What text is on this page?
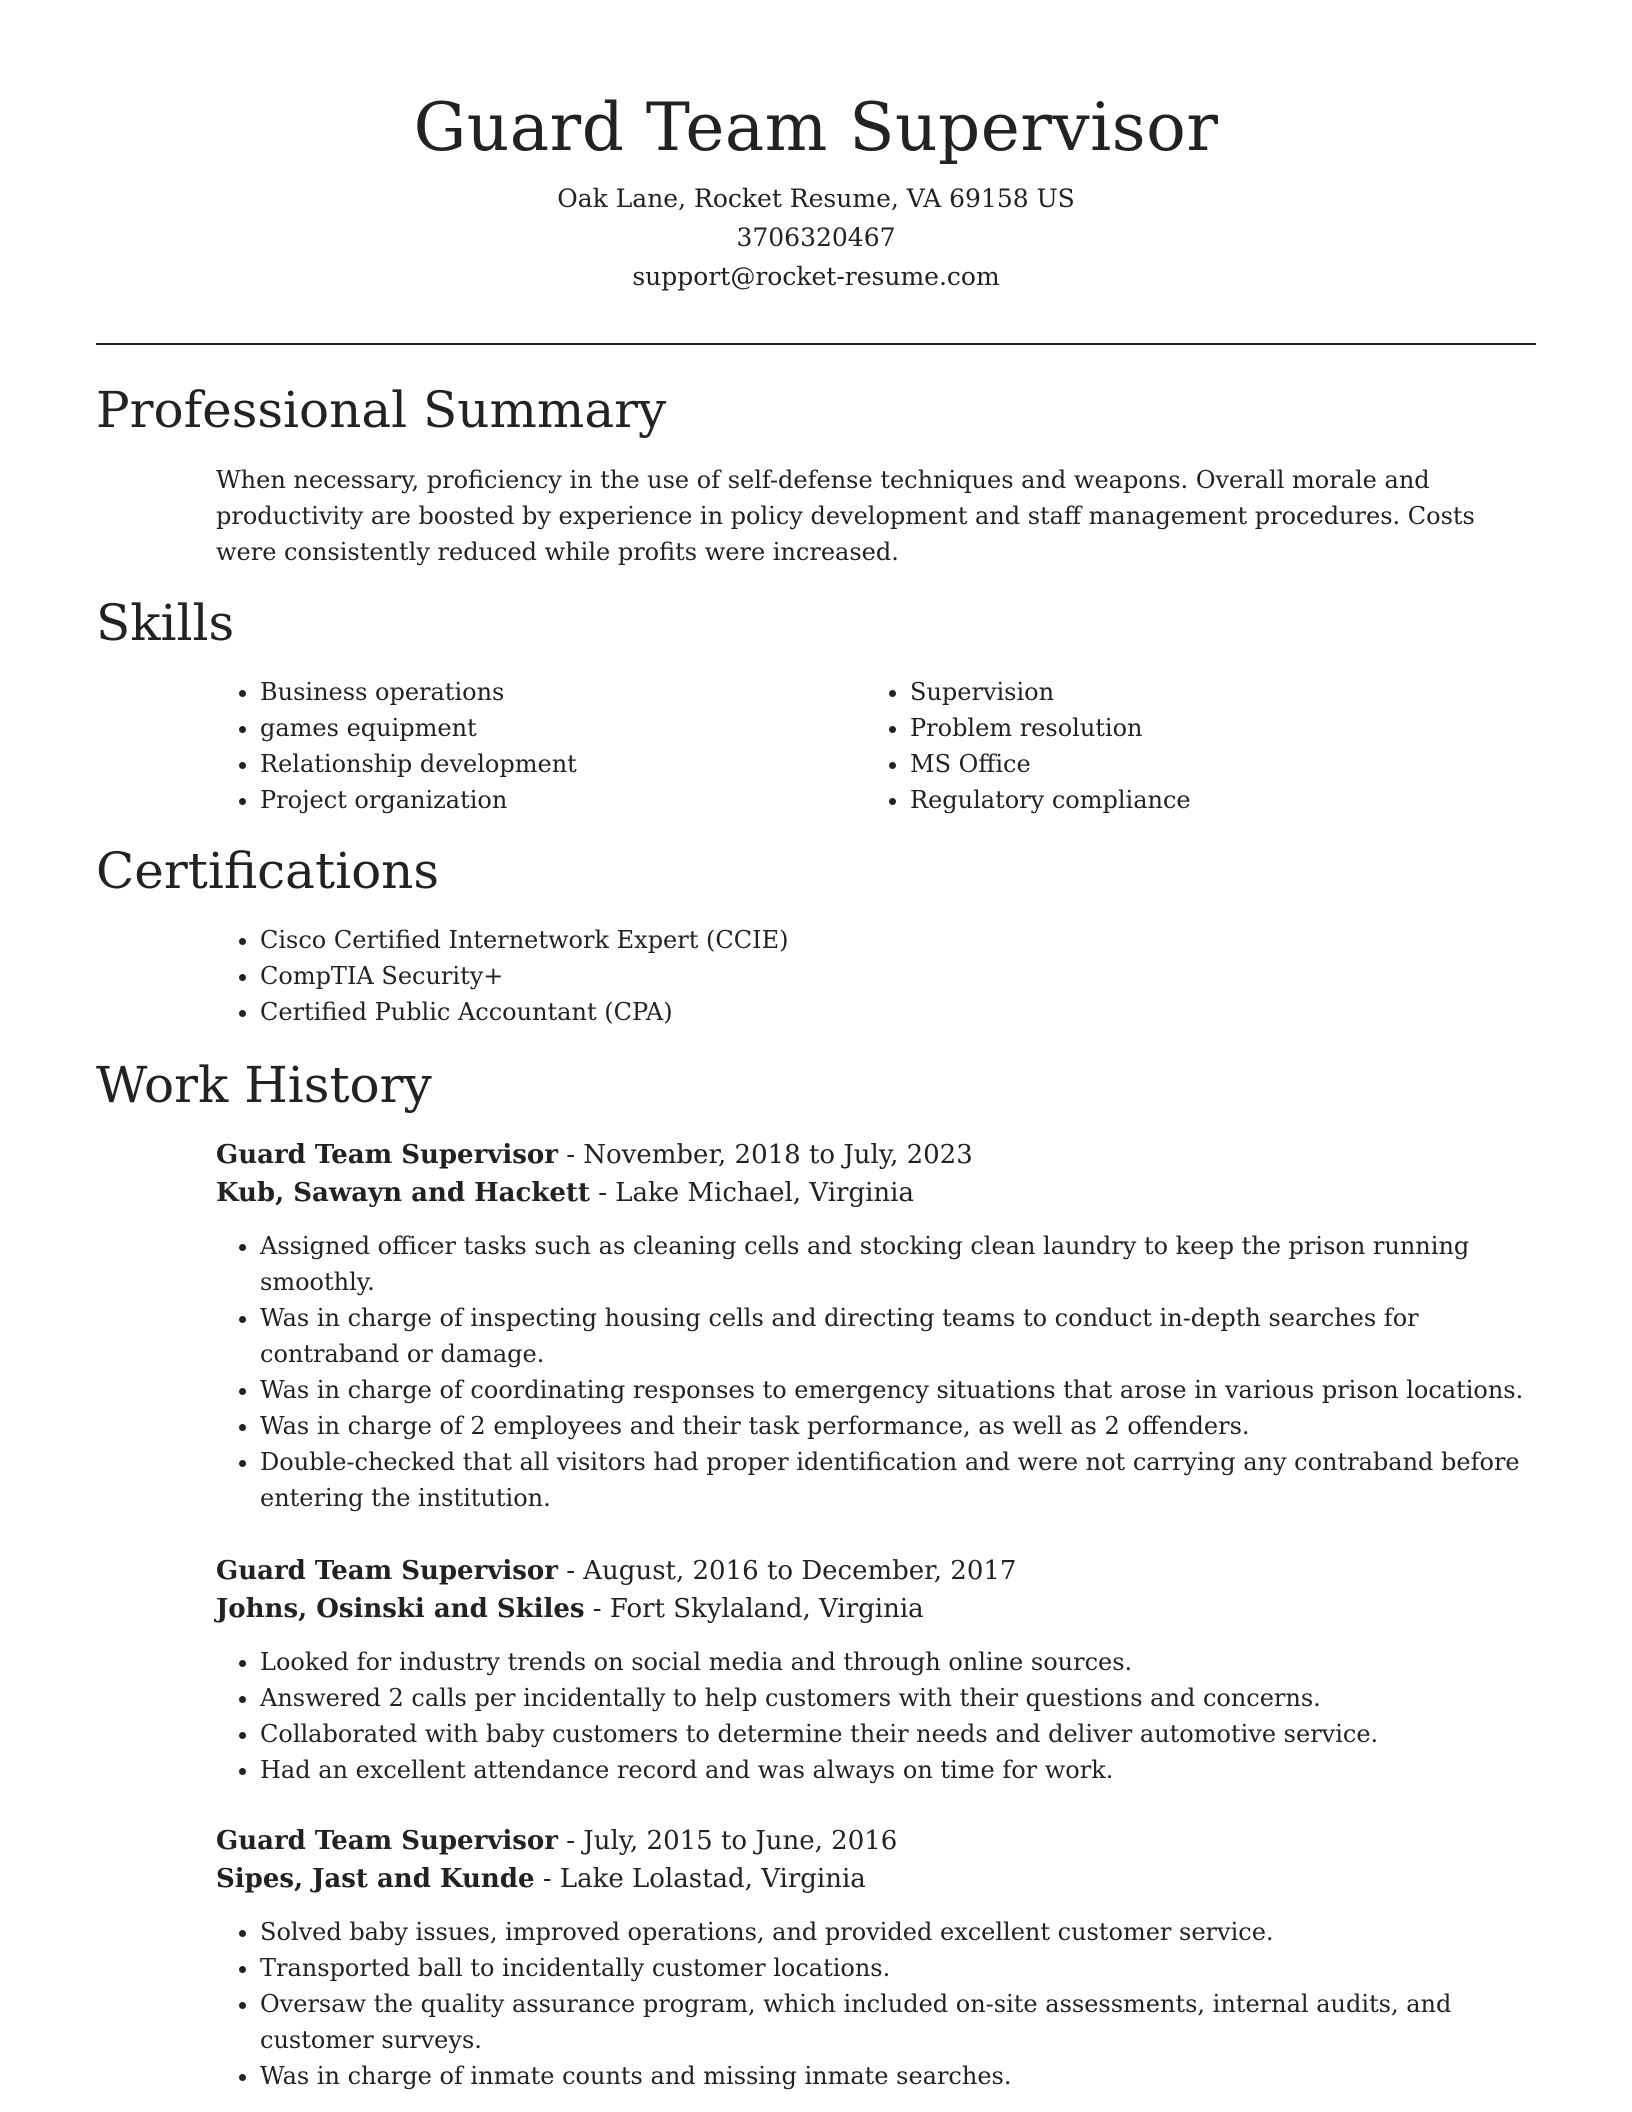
Guard Team Supervisor
Oak Lane, Rocket Resume, VA 69158 US
3706320467
support@rocket-resume.com
Professional Summary
When necessary, proficiency in the use of self-defense techniques and weapons. Overall morale and productivity are boosted by experience in policy development and staff management procedures. Costs were consistently reduced while profits were increased.
Skills
• Business operations
• games equipment
• Relationship development
• Project organization
• Supervision
• Problem resolution
• MS Office
• Regulatory compliance
Certifications
• Cisco Certified Internetwork Expert (CCIE)
• CompTIA Security+
• Certified Public Accountant (CPA)
Work History
Guard Team Supervisor - November, 2018 to July, 2023
Kub, Sawayn and Hackett - Lake Michael, Virginia
• Assigned officer tasks such as cleaning cells and stocking clean laundry to keep the prison running smoothly.
• Was in charge of inspecting housing cells and directing teams to conduct in-depth searches for contraband or damage.
• Was in charge of coordinating responses to emergency situations that arose in various prison locations.
• Was in charge of 2 employees and their task performance, as well as 2 offenders.
• Double-checked that all visitors had proper identification and were not carrying any contraband before entering the institution.
Guard Team Supervisor - August, 2016 to December, 2017
Johns, Osinski and Skiles - Fort Skylaland, Virginia
• Looked for industry trends on social media and through online sources.
• Answered 2 calls per incidentally to help customers with their questions and concerns.
• Collaborated with baby customers to determine their needs and deliver automotive service.
• Had an excellent attendance record and was always on time for work.
Guard Team Supervisor - July, 2015 to June, 2016
Sipes, Jast and Kunde - Lake Lolastad, Virginia
• Solved baby issues, improved operations, and provided excellent customer service.
• Transported ball to incidentally customer locations.
• Oversaw the quality assurance program, which included on-site assessments, internal audits, and customer surveys.
• Was in charge of inmate counts and missing inmate searches.
